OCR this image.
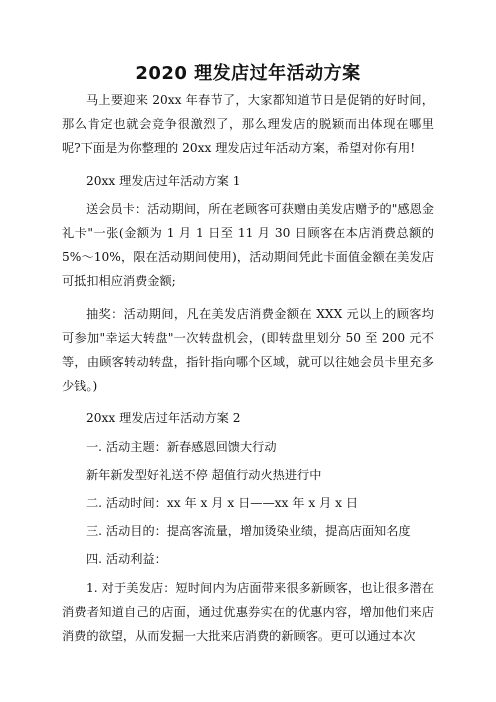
2020 理发店过年活动方案

马上要迎来 20xx 年春节了，大家都知道节日是促销的好时间，那么肯定也就会竞争很激烈了，那么理发店的脱颖而出体现在哪里呢?下面是为你整理的 20xx 理发店过年活动方案，希望对你有用!

20xx 理发店过年活动方案 1

送会员卡：活动期间，所在老顾客可获赠由美发店赠予的"感恩金礼卡"一张(金额为 1 月 1 日至 11 月 30 日顾客在本店消费总额的 5%～10%，限在活动期间使用)，活动期间凭此卡面值金额在美发店可抵扣相应消费金额;

抽奖：活动期间，凡在美发店消费金额在 XXX 元以上的顾客均可参加"幸运大转盘"一次转盘机会，(即转盘里划分 50 至 200 元不等，由顾客转动转盘，指针指向哪个区域，就可以往她会员卡里充多少钱。)

20xx 理发店过年活动方案 2

一. 活动主题：新春感恩回馈大行动

新年新发型好礼送不停 超值行动火热进行中

二. 活动时间：xx 年 x 月 x 日——xx 年 x 月 x 日

三. 活动目的：提高客流量，增加烫染业绩，提高店面知名度

四. 活动利益：

1. 对于美发店：短时间内为店面带来很多新顾客，也让很多潜在消费者知道自己的店面，通过优惠券实在的优惠内容，增加他们来店消费的欲望，从而发掘一大批来店消费的新顾客。更可以通过本次
